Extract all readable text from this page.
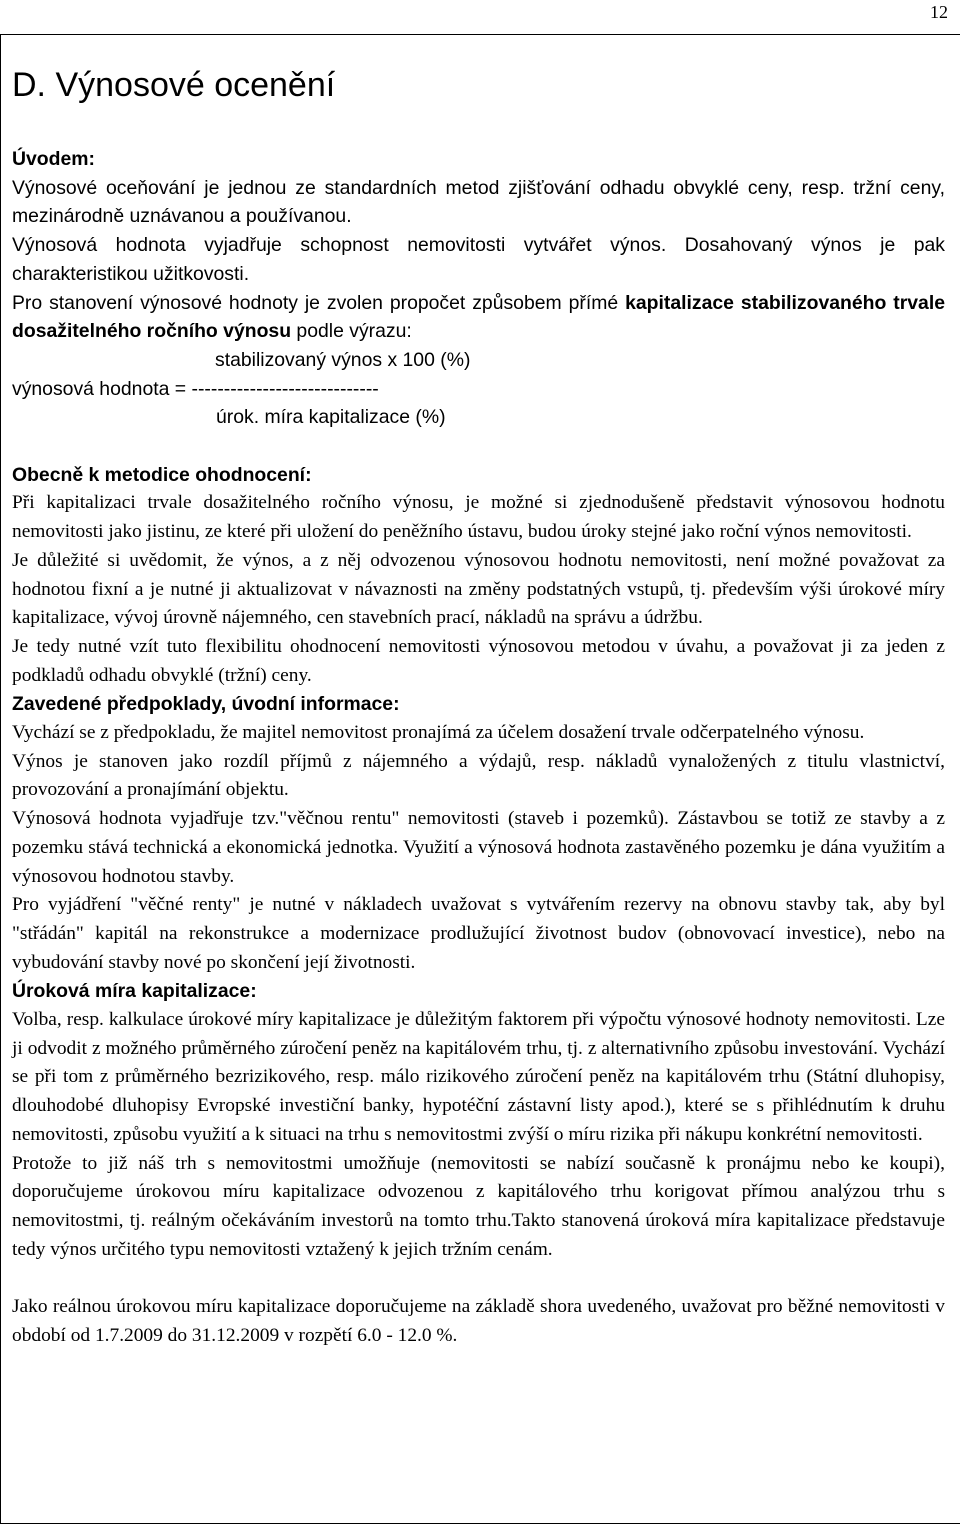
12
D. Výnosové ocenění

Úvodem:

Výnosové oceňování je jednou ze standardních metod zjišťování odhadu obvyklé ceny, resp. tržní ceny, mezinárodně uznávanou a používanou.

Výnosová hodnota vyjadřuje schopnost nemovitosti vytvářet výnos. Dosahovaný výnos je pak charakteristikou užitkovosti.

Pro stanovení výnosové hodnoty je zvolen propočet způsobem přímé kapitalizace stabilizovaného trvale dosažitelného ročního výnosu podle výrazu:

stabilizovaný výnos x 100 (%)

výnosová hodnota = -----------------------------

úrok. míra kapitalizace (%)

Obecně k metodice ohodnocení:

Při kapitalizaci trvale dosažitelného ročního výnosu, je možné si zjednodušeně představit výnosovou hodnotu nemovitosti jako jistinu, ze které při uložení do peněžního ústavu, budou úroky stejné jako roční výnos nemovitosti.

Je důležité si uvědomit, že výnos, a z něj odvozenou výnosovou hodnotu nemovitosti, není možné považovat za hodnotou fixní a je nutné ji aktualizovat v návaznosti na změny podstatných vstupů, tj. především výši úrokové míry kapitalizace, vývoj úrovně nájemného, cen stavebních prací, nákladů na správu a údržbu.

Je tedy nutné vzít tuto flexibilitu ohodnocení nemovitosti výnosovou metodou v úvahu, a považovat ji za jeden z podkladů odhadu obvyklé (tržní) ceny.

Zavedené předpoklady, úvodní informace:

Vychází se z předpokladu, že majitel nemovitost pronajímá za účelem dosažení trvale odčerpatelného výnosu.

Výnos je stanoven jako rozdíl příjmů z nájemného a výdajů, resp. nákladů vynaložených z titulu vlastnictví, provozování a pronajímání objektu.

Výnosová hodnota vyjadřuje tzv."věčnou rentu" nemovitosti (staveb i pozemků). Zástavbou se totiž ze stavby a z pozemku stává technická a ekonomická jednotka. Využití a výnosová hodnota zastavěného pozemku je dána využitím a výnosovou hodnotou stavby.

Pro vyjádření "věčné renty" je nutné v nákladech uvažovat s vytvářením rezervy na obnovu stavby tak, aby byl "střádán" kapitál na rekonstrukce a modernizace prodlužující životnost budov (obnovovací investice), nebo na vybudování stavby nové po skončení její životnosti.

Úroková míra kapitalizace:

Volba, resp. kalkulace úrokové míry kapitalizace je důležitým faktorem při výpočtu výnosové hodnoty nemovitosti. Lze ji odvodit z možného průměrného zúročení peněz na kapitálovém trhu, tj. z alternativního způsobu investování. Vychází se při tom z průměrného bezrizikového, resp. málo rizikového zúročení peněz na kapitálovém trhu (Státní dluhopisy, dlouhodobé dluhopisy Evropské investiční banky, hypotéční zástavní listy apod.), které se s přihlédnutím k druhu nemovitosti, způsobu využití a k situaci na trhu s nemovitostmi zvýší o míru rizika při nákupu konkrétní nemovitosti.

Protože to již náš trh s nemovitostmi umožňuje (nemovitosti se nabízí současně k pronájmu nebo ke koupi), doporučujeme úrokovou míru kapitalizace odvozenou z kapitálového trhu korigovat přímou analýzou trhu s nemovitostmi, tj. reálným očekáváním investorů na tomto trhu.Takto stanovená úroková míra kapitalizace představuje tedy výnos určitého typu nemovitosti vztažený k jejich tržním cenám.

Jako reálnou úrokovou míru kapitalizace doporučujeme na základě shora uvedeného, uvažovat pro běžné nemovitosti v období od 1.7.2009 do 31.12.2009 v rozpětí 6.0 - 12.0 %.
